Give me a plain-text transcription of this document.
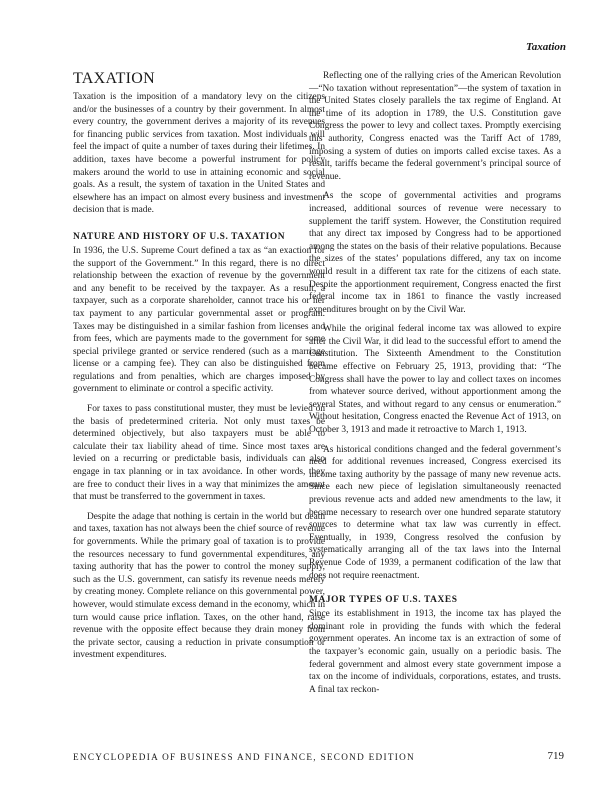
Taxation
TAXATION

Taxation is the imposition of a mandatory levy on the citizens and/or the businesses of a country by their government. In almost every country, the government derives a majority of its revenues for financing public services from taxation. Most individuals will feel the impact of quite a number of taxes during their lifetimes. In addition, taxes have become a powerful instrument for policy makers around the world to use in attaining economic and social goals. As a result, the system of taxation in the United States and elsewhere has an impact on almost every business and investment decision that is made.

NATURE AND HISTORY OF U.S. TAXATION

In 1936, the U.S. Supreme Court defined a tax as “an exaction for the support of the Government.” In this regard, there is no direct relationship between the exaction of revenue by the government and any benefit to be received by the taxpayer. As a result, a taxpayer, such as a corporate shareholder, cannot trace his or her tax payment to any particular governmental asset or program. Taxes may be distinguished in a similar fashion from licenses and from fees, which are payments made to the government for some special privilege granted or service rendered (such as a marriage license or a camping fee). They can also be distinguished from regulations and from penalties, which are charges imposed by government to eliminate or control a specific activity.

For taxes to pass constitutional muster, they must be levied on the basis of predetermined criteria. Not only must taxes be determined objectively, but also taxpayers must be able to calculate their tax liability ahead of time. Since most taxes are levied on a recurring or predictable basis, individuals can also engage in tax planning or in tax avoidance. In other words, they are free to conduct their lives in a way that minimizes the amount that must be transferred to the government in taxes.

Despite the adage that nothing is certain in the world but death and taxes, taxation has not always been the chief source of revenue for governments. While the primary goal of taxation is to provide the resources necessary to fund governmental expenditures, any taxing authority that has the power to control the money supply, such as the U.S. government, can satisfy its revenue needs merely by creating money. Complete reliance on this governmental power, however, would stimulate excess demand in the economy, which in turn would cause price inflation. Taxes, on the other hand, raise revenue with the opposite effect because they drain money from the private sector, causing a reduction in private consumption or investment expenditures.

Reflecting one of the rallying cries of the American Revolution—“No taxation without representation”—the system of taxation in the United States closely parallels the tax regime of England. At the time of its adoption in 1789, the U.S. Constitution gave Congress the power to levy and collect taxes. Promptly exercising this authority, Congress enacted was the Tariff Act of 1789, imposing a system of duties on imports called excise taxes. As a result, tariffs became the federal government’s principal source of revenue.

As the scope of governmental activities and programs increased, additional sources of revenue were necessary to supplement the tariff system. However, the Constitution required that any direct tax imposed by Congress had to be apportioned among the states on the basis of their relative populations. Because the sizes of the states’ populations differed, any tax on income would result in a different tax rate for the citizens of each state. Despite the apportionment requirement, Congress enacted the first federal income tax in 1861 to finance the vastly increased expenditures brought on by the Civil War.

While the original federal income tax was allowed to expire after the Civil War, it did lead to the successful effort to amend the Constitution. The Sixteenth Amendment to the Constitution became effective on February 25, 1913, providing that: “The Congress shall have the power to lay and collect taxes on incomes from whatever source derived, without apportionment among the several States, and without regard to any census or enumeration.” Without hesitation, Congress enacted the Revenue Act of 1913, on October 3, 1913 and made it retroactive to March 1, 1913.

As historical conditions changed and the federal government’s need for additional revenues increased, Congress exercised its income taxing authority by the passage of many new revenue acts. Since each new piece of legislation simultaneously reenacted previous revenue acts and added new amendments to the law, it became necessary to research over one hundred separate statutory sources to determine what tax law was currently in effect. Eventually, in 1939, Congress resolved the confusion by systematically arranging all of the tax laws into the Internal Revenue Code of 1939, a permanent codification of the law that does not require reenactment.

MAJOR TYPES OF U.S. TAXES

Since its establishment in 1913, the income tax has played the dominant role in providing the funds with which the federal government operates. An income tax is an extraction of some of the taxpayer’s economic gain, usually on a periodic basis. The federal government and almost every state government impose a tax on the income of individuals, corporations, estates, and trusts. A final tax reckon-

ENCYCLOPEDIA OF BUSINESS AND FINANCE, SECOND EDITION	719
